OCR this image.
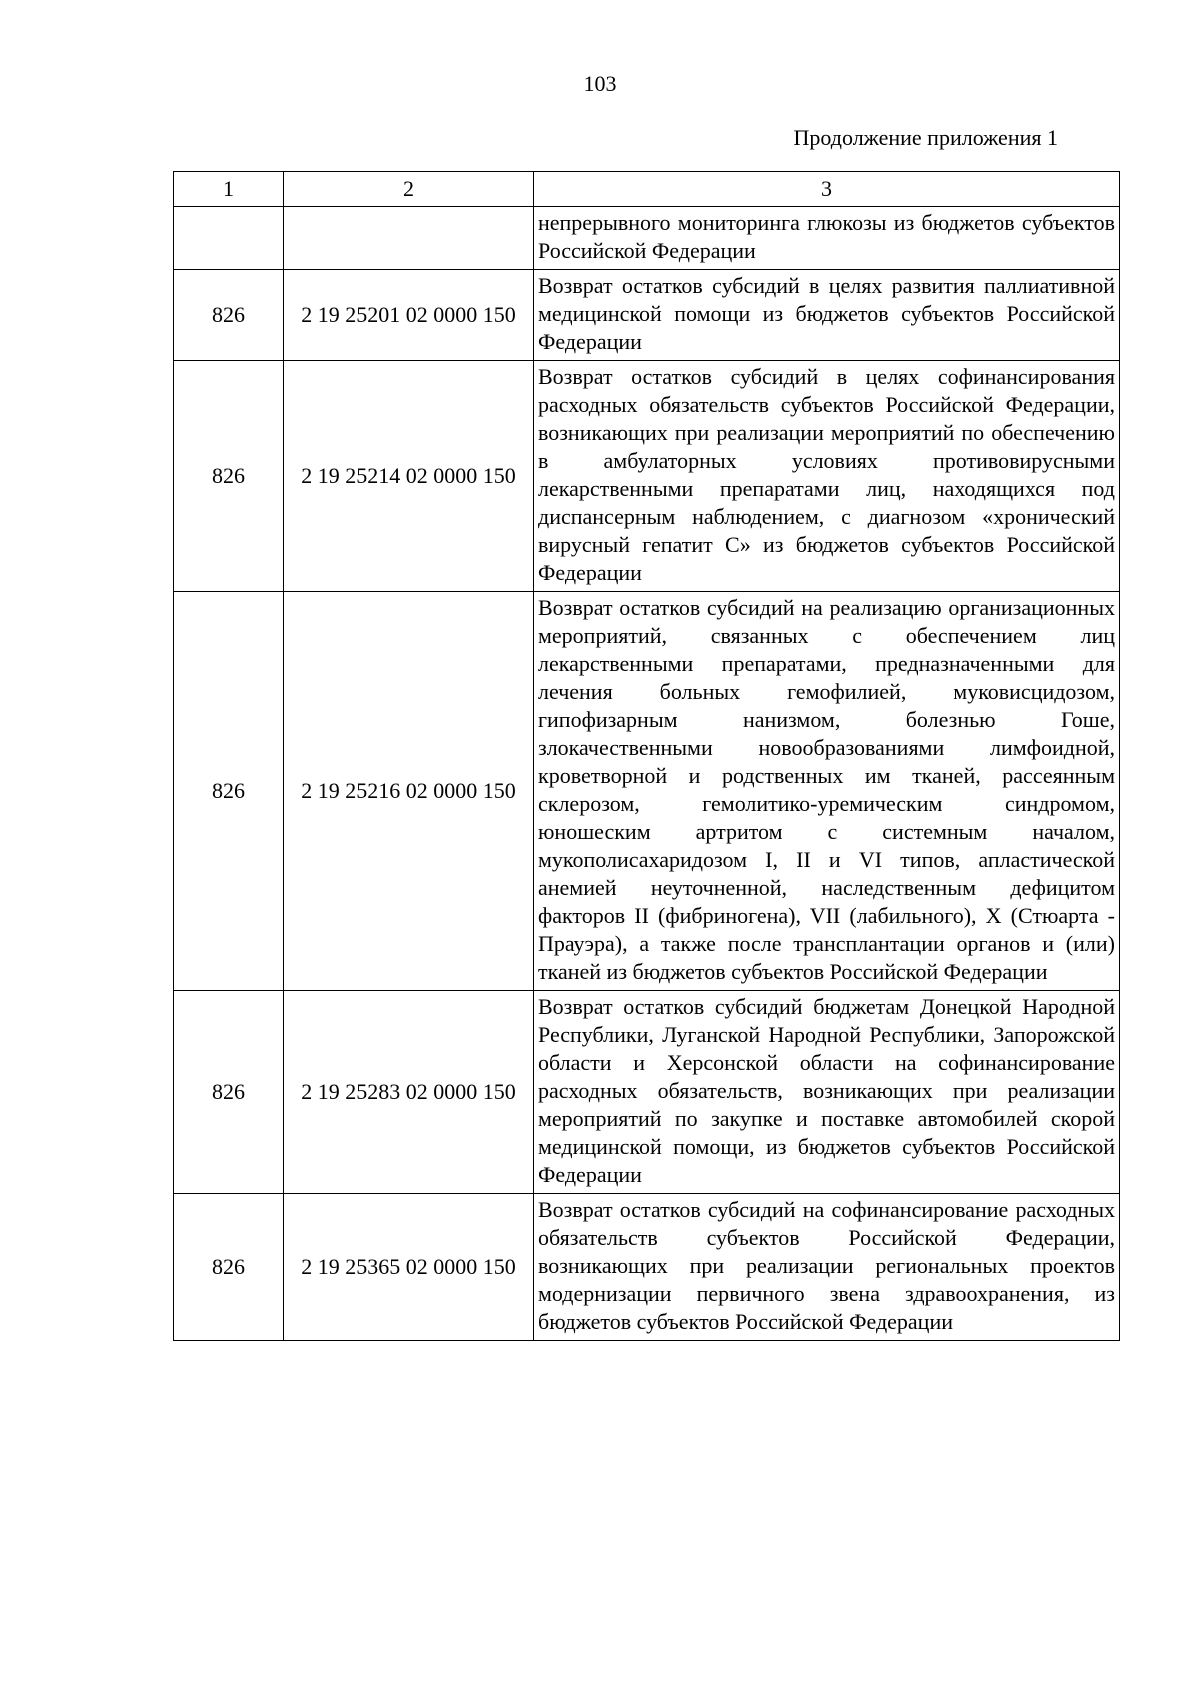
103
Продолжение приложения 1
1	2	3
		непрерывного мониторинга глюкозы из бюджетов субъектов Российской Федерации
826	2 19 25201 02 0000 150	Возврат остатков субсидий в целях развития паллиативной медицинской помощи из бюджетов субъектов Российской Федерации
826	2 19 25214 02 0000 150	Возврат остатков субсидий в целях софинансирования расходных обязательств субъектов Российской Федерации, возникающих при реализации мероприятий по обеспечению в амбулаторных условиях противовирусными лекарственными препаратами лиц, находящихся под диспансерным наблюдением, с диагнозом «хронический вирусный гепатит С» из бюджетов субъектов Российской Федерации
826	2 19 25216 02 0000 150	Возврат остатков субсидий на реализацию организационных мероприятий, связанных с обеспечением лиц лекарственными препаратами, предназначенными для лечения больных гемофилией, муковисцидозом, гипофизарным нанизмом, болезнью Гоше, злокачественными новообразованиями лимфоидной, кроветворной и родственных им тканей, рассеянным склерозом, гемолитико-уремическим синдромом, юношеским артритом с системным началом, мукополисахаридозом I, II и VI типов, апластической анемией неуточненной, наследственным дефицитом факторов II (фибриногена), VII (лабильного), X (Стюарта - Прауэра), а также после трансплантации органов и (или) тканей из бюджетов субъектов Российской Федерации
826	2 19 25283 02 0000 150	Возврат остатков субсидий бюджетам Донецкой Народной Республики, Луганской Народной Республики, Запорожской области и Херсонской области на софинансирование расходных обязательств, возникающих при реализации мероприятий по закупке и поставке автомобилей скорой медицинской помощи, из бюджетов субъектов Российской Федерации
826	2 19 25365 02 0000 150	Возврат остатков субсидий на софинансирование расходных обязательств субъектов Российской Федерации, возникающих при реализации региональных проектов модернизации первичного звена здравоохранения, из бюджетов субъектов Российской Федерации
